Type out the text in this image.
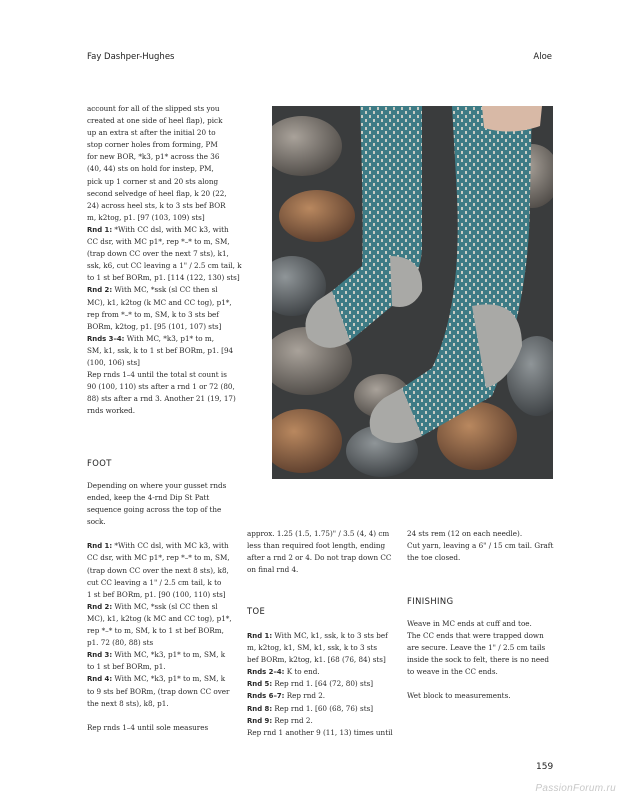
Fay Dashper-Hughes	Aloe

account for all of the slipped sts you
created at one side of heel flap), pick
up an extra st after the initial 20 to
stop corner holes from forming, PM
for new BOR, *k3, p1* across the 36
(40, 44) sts on hold for instep, PM,
pick up 1 corner st and 20 sts along
second selvedge of heel flap, k 20 (22,
24) across heel sts, k to 3 sts bef BOR
m, k2tog, p1. [97 (103, 109) sts]

Rnd 1: *With CC dsl, with MC k3, with
CC dsr, with MC p1*, rep *–* to m, SM,
(trap down CC over the next 7 sts), k1,
ssk, k6, cut CC leaving a 1" / 2.5 cm tail, k
to 1 st bef BORm, p1. [114 (122, 130) sts]

Rnd 2: With MC, *ssk (sl CC then sl
MC), k1, k2tog (k MC and CC tog), p1*,
rep from *–* to m, SM, k to 3 sts bef
BORm, k2tog, p1. [95 (101, 107) sts]

Rnds 3–4: With MC, *k3, p1* to m,
SM, k1, ssk, k to 1 st bef BORm, p1. [94
(100, 106) sts]

Rep rnds 1–4 until the total st count is
90 (100, 110) sts after a rnd 1 or 72 (80,
88) sts after a rnd 3. Another 21 (19, 17)
rnds worked.

FOOT

Depending on where your gusset rnds
ended, keep the 4-rnd Dip St Patt
sequence going across the top of the
sock.

Rnd 1: *With CC dsl, with MC k3, with
CC dsr, with MC p1*, rep *–* to m, SM,
(trap down CC over the next 8 sts), k8,
cut CC leaving a 1" / 2.5 cm tail, k to
1 st bef BORm, p1. [90 (100, 110) sts]

Rnd 2: With MC, *ssk (sl CC then sl
MC), k1, k2tog (k MC and CC tog), p1*,
rep *–* to m, SM, k to 1 st bef BORm,
p1. 72 (80, 88) sts

Rnd 3: With MC, *k3, p1* to m, SM, k
to 1 st bef BORm, p1.

Rnd 4: With MC, *k3, p1* to m, SM, k
to 9 sts bef BORm, (trap down CC over
the next 8 sts), k8, p1.

Rep rnds 1–4 until sole measures

approx. 1.25 (1.5, 1.75)" / 3.5 (4, 4) cm
less than required foot length, ending
after a rnd 2 or 4. Do not trap down CC
on final rnd 4.

TOE

Rnd 1: With MC, k1, ssk, k to 3 sts bef
m, k2tog, k1, SM, k1, ssk, k to 3 sts
bef BORm, k2tog, k1. [68 (76, 84) sts]

Rnds 2–4: K to end.

Rnd 5: Rep rnd 1. [64 (72, 80) sts]

Rnds 6–7: Rep rnd 2.

Rnd 8: Rep rnd 1. [60 (68, 76) sts]

Rnd 9: Rep rnd 2.

Rep rnd 1 another 9 (11, 13) times until

24 sts rem (12 on each needle).
Cut yarn, leaving a 6" / 15 cm tail. Graft
the toe closed.

FINISHING

Weave in MC ends at cuff and toe.
The CC ends that were trapped down
are secure. Leave the 1" / 2.5 cm tails
inside the sock to felt, there is no need
to weave in the CC ends.

Wet block to measurements.

159
PassionForum.ru
